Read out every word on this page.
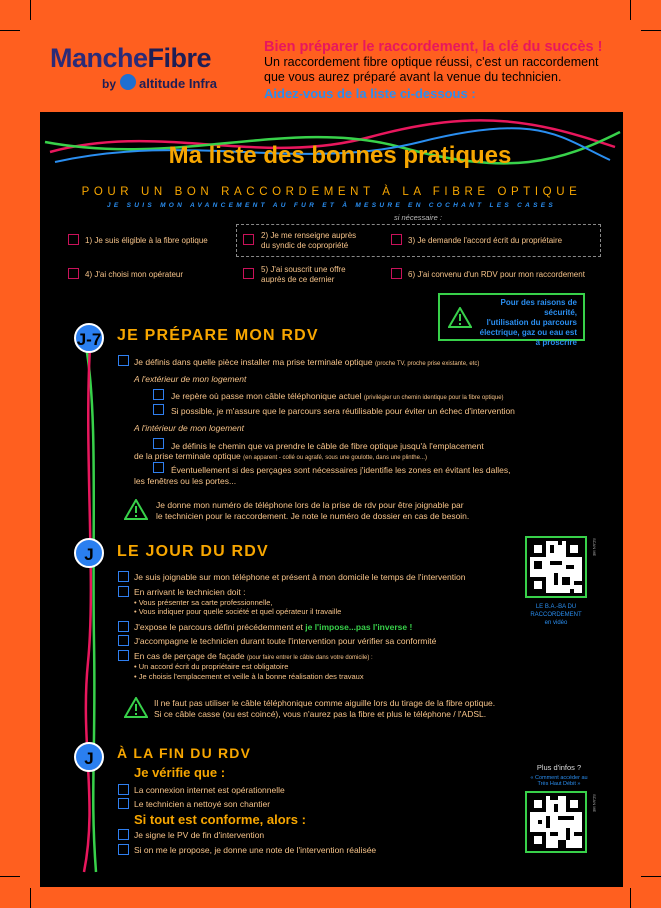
MancheFibre
by altitude Infra
Bien préparer le raccordement, la clé du succès !
Un raccordement fibre optique réussi, c'est un raccordement
que vous aurez préparé avant la venue du technicien.
Aidez-vous de la liste ci-dessous :
Ma liste des bonnes pratiques
POUR UN BON RACCORDEMENT À LA FIBRE OPTIQUE
JE SUIS MON AVANCEMENT AU FUR ET À MESURE EN COCHANT LES CASES
si nécessaire :
1) Je suis éligible à la fibre optique
2) Je me renseigne auprès
du syndic de copropriété
3) Je demande l'accord écrit du propriétaire
4) J'ai choisi mon opérateur
5) J'ai souscrit une offre
auprès de ce dernier
6) J'ai convenu d'un RDV pour mon raccordement
Pour des raisons de sécurité,
l'utilisation du parcours
électrique, gaz ou eau est
à proscrire
J-7 JE PRÉPARE MON RDV
Je définis dans quelle pièce installer ma prise terminale optique (proche TV, proche prise existante, etc)
A l'extérieur de mon logement
Je repère où passe mon câble téléphonique actuel (privilégier un chemin identique pour la fibre optique)
Si possible, je m'assure que le parcours sera réutilisable pour éviter un échec d'intervention
A l'intérieur de mon logement
Je définis le chemin que va prendre le câble de fibre optique jusqu'à l'emplacement
de la prise terminale optique (en apparent - collé ou agrafé, sous une goulotte, dans une plinthe...)
Éventuellement si des perçages sont nécessaires j'identifie les zones en évitant les dalles,
les fenêtres ou les portes...
Je donne mon numéro de téléphone lors de la prise de rdv pour être joignable par
le technicien pour le raccordement. Je note le numéro de dossier en cas de besoin.
J	LE JOUR DU RDV
Je suis joignable sur mon téléphone et présent à mon domicile le temps de l'intervention
En arrivant le technicien doit :
• Vous présenter sa carte professionnelle,
• Vous indiquer pour quelle société et quel opérateur il travaille
J'expose le parcours défini précédemment et je l'impose...pas l'inverse !
J'accompagne le technicien durant toute l'intervention pour vérifier sa conformité
En cas de perçage de façade (pour faire entrer le câble dans votre domicile) :
• Un accord écrit du propriétaire est obligatoire
• Je choisis l'emplacement et veille à la bonne réalisation des travaux
Il ne faut pas utiliser le câble téléphonique comme aiguille lors du tirage de la fibre optique.
Si ce câble casse (ou est coincé), vous n'aurez pas la fibre et plus le téléphone / l'ADSL.
SCAN ME
LE B.A.-BA DU
RACCORDEMENT
en vidéo
J	À LA FIN DU RDV
Je vérifie que :
La connexion internet est opérationnelle
Le technicien a nettoyé son chantier
Si tout est conforme, alors :
Je signe le PV de fin d'intervention
Si on me le propose, je donne une note de l'intervention réalisée
Plus d'infos ?
« Comment accéder au
Très Haut Débit »
SCAN ME
